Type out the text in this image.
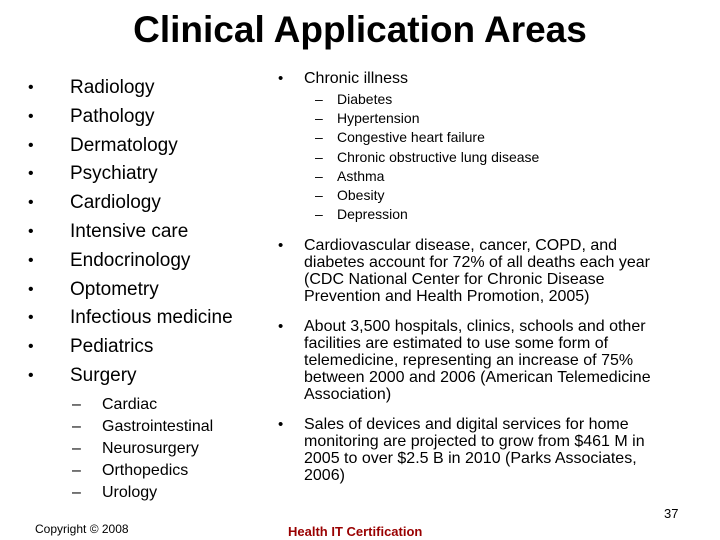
Clinical Application Areas
• Radiology
• Pathology
• Dermatology
• Psychiatry
• Cardiology
• Intensive care
• Endocrinology
• Optometry
• Infectious medicine
• Pediatrics
• Surgery
– Cardiac
– Gastrointestinal
– Neurosurgery
– Orthopedics
– Urology
• Chronic illness
– Diabetes
– Hypertension
– Congestive heart failure
– Chronic obstructive lung disease
– Asthma
– Obesity
– Depression
• Cardiovascular disease, cancer, COPD, and diabetes account for 72% of all deaths each year (CDC National Center for Chronic Disease Prevention and Health Promotion, 2005)
• About 3,500 hospitals, clinics, schools and other facilities are estimated to use some form of telemedicine, representing an increase of 75% between 2000 and 2006 (American Telemedicine Association)
• Sales of devices and digital services for home monitoring are projected to grow from $461 M in 2005 to over $2.5 B in 2010 (Parks Associates, 2006)
Copyright © 2008	Health IT Certification
37
